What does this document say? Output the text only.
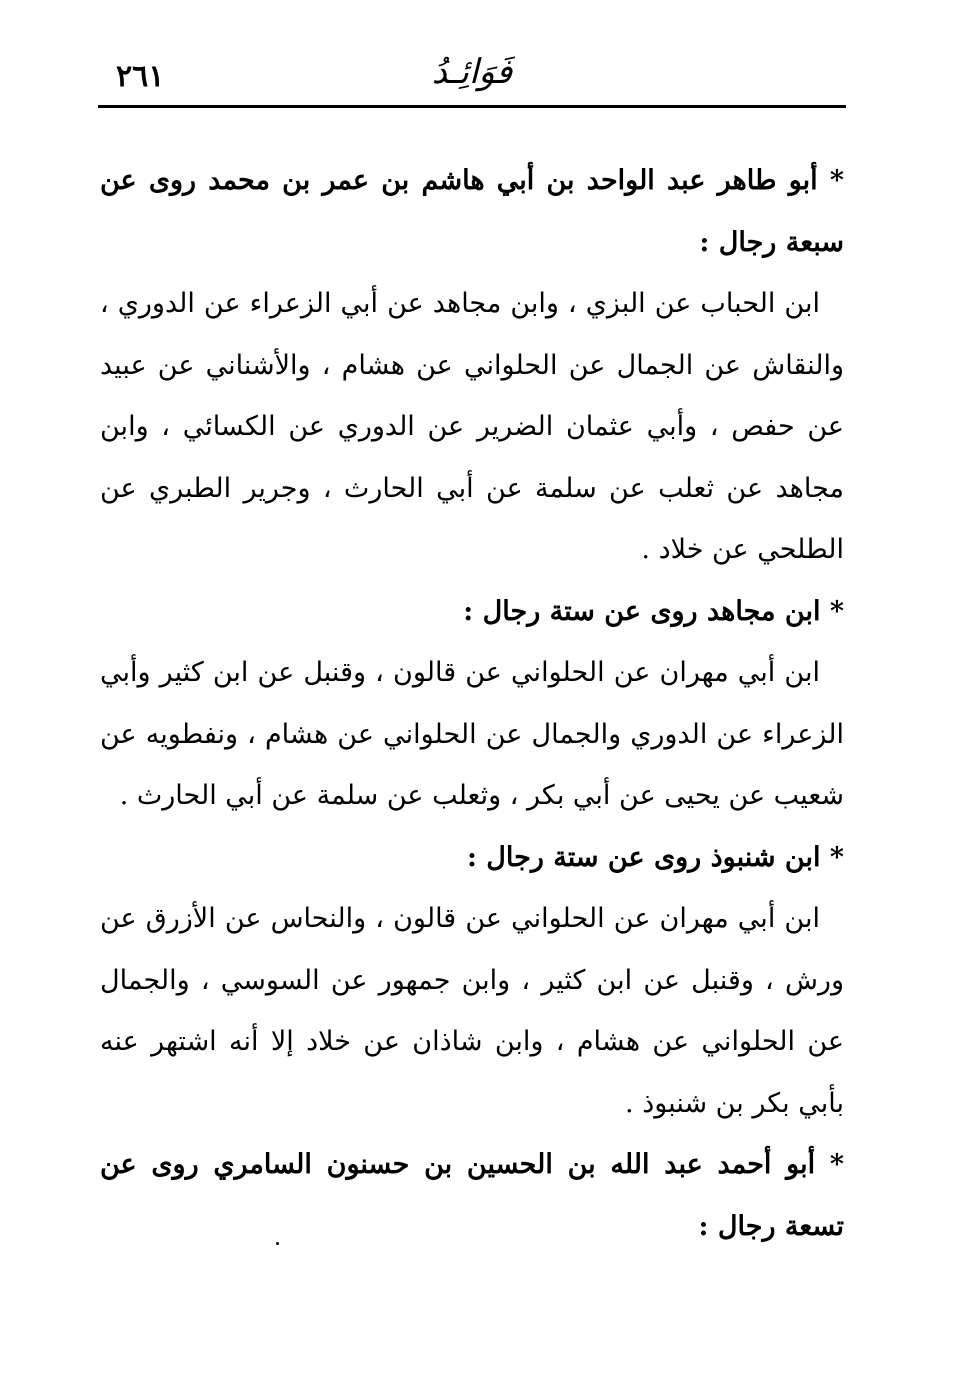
٢٦١	فَوَائِـدُ

* أبو طاهر عبد الواحد بن أبي هاشم بن عمر بن محمد روى عن سبعة رجال :

ابن الحباب عن البزي ، وابن مجاهد عن أبي الزعراء عن الدوري ، والنقاش عن الجمال عن الحلواني عن هشام ، والأشناني عن عبيد عن حفص ، وأبي عثمان الضرير عن الدوري عن الكسائي ، وابن مجاهد عن ثعلب عن سلمة عن أبي الحارث ، وجرير الطبري عن الطلحي عن خلاد .

* ابن مجاهد روى عن ستة رجال :

ابن أبي مهران عن الحلواني عن قالون ، وقنبل عن ابن كثير وأبي الزعراء عن الدوري والجمال عن الحلواني عن هشام ، ونفطويه عن شعيب عن يحيى عن أبي بكر ، وثعلب عن سلمة عن أبي الحارث .

* ابن شنبوذ روى عن ستة رجال :

ابن أبي مهران عن الحلواني عن قالون ، والنحاس عن الأزرق عن ورش ، وقنبل عن ابن كثير ، وابن جمهور عن السوسي ، والجمال عن الحلواني عن هشام ، وابن شاذان عن خلاد إلا أنه اشتهر عنه بأبي بكر بن شنبوذ .

* أبو أحمد عبد الله بن الحسين بن حسنون السامري روى عن تسعة رجال :
